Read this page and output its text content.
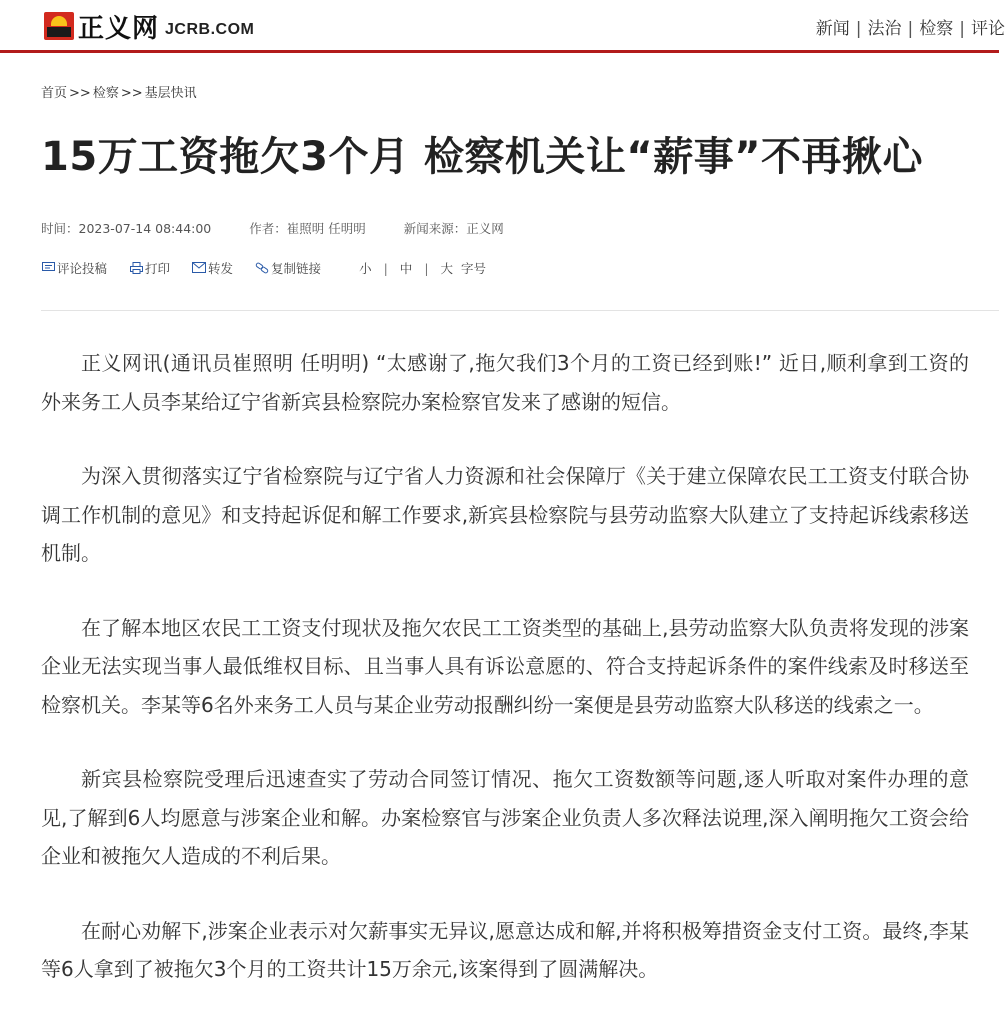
正义网 JCRB.COM	新闻 | 法治 | 检察 | 评论
首页 >> 检察 >> 基层快讯
15万工资拖欠3个月 检察机关让“薪事”不再揪心
时间：2023-07-14 08:44:00	作者：崔照明 任明明	新闻来源：正义网
评论投稿	打印	转发	复制链接	小 | 中 | 大 字号

正义网讯(通讯员崔照明 任明明) “太感谢了,拖欠我们3个月的工资已经到账!” 近日,顺利拿到工资的外来务工人员李某给辽宁省新宾县检察院办案检察官发来了感谢的短信。

为深入贯彻落实辽宁省检察院与辽宁省人力资源和社会保障厅《关于建立保障农民工工资支付联合协调工作机制的意见》和支持起诉促和解工作要求,新宾县检察院与县劳动监察大队建立了支持起诉线索移送机制。

在了解本地区农民工工资支付现状及拖欠农民工工资类型的基础上,县劳动监察大队负责将发现的涉案企业无法实现当事人最低维权目标、且当事人具有诉讼意愿的、符合支持起诉条件的案件线索及时移送至检察机关。李某等6名外来务工人员与某企业劳动报酬纠纷一案便是县劳动监察大队移送的线索之一。

新宾县检察院受理后迅速查实了劳动合同签订情况、拖欠工资数额等问题,逐人听取对案件办理的意见,了解到6人均愿意与涉案企业和解。办案检察官与涉案企业负责人多次释法说理,深入阐明拖欠工资会给企业和被拖欠人造成的不利后果。

在耐心劝解下,涉案企业表示对欠薪事实无异议,愿意达成和解,并将积极筹措资金支付工资。最终,李某等6人拿到了被拖欠3个月的工资共计15万余元,该案得到了圆满解决。
